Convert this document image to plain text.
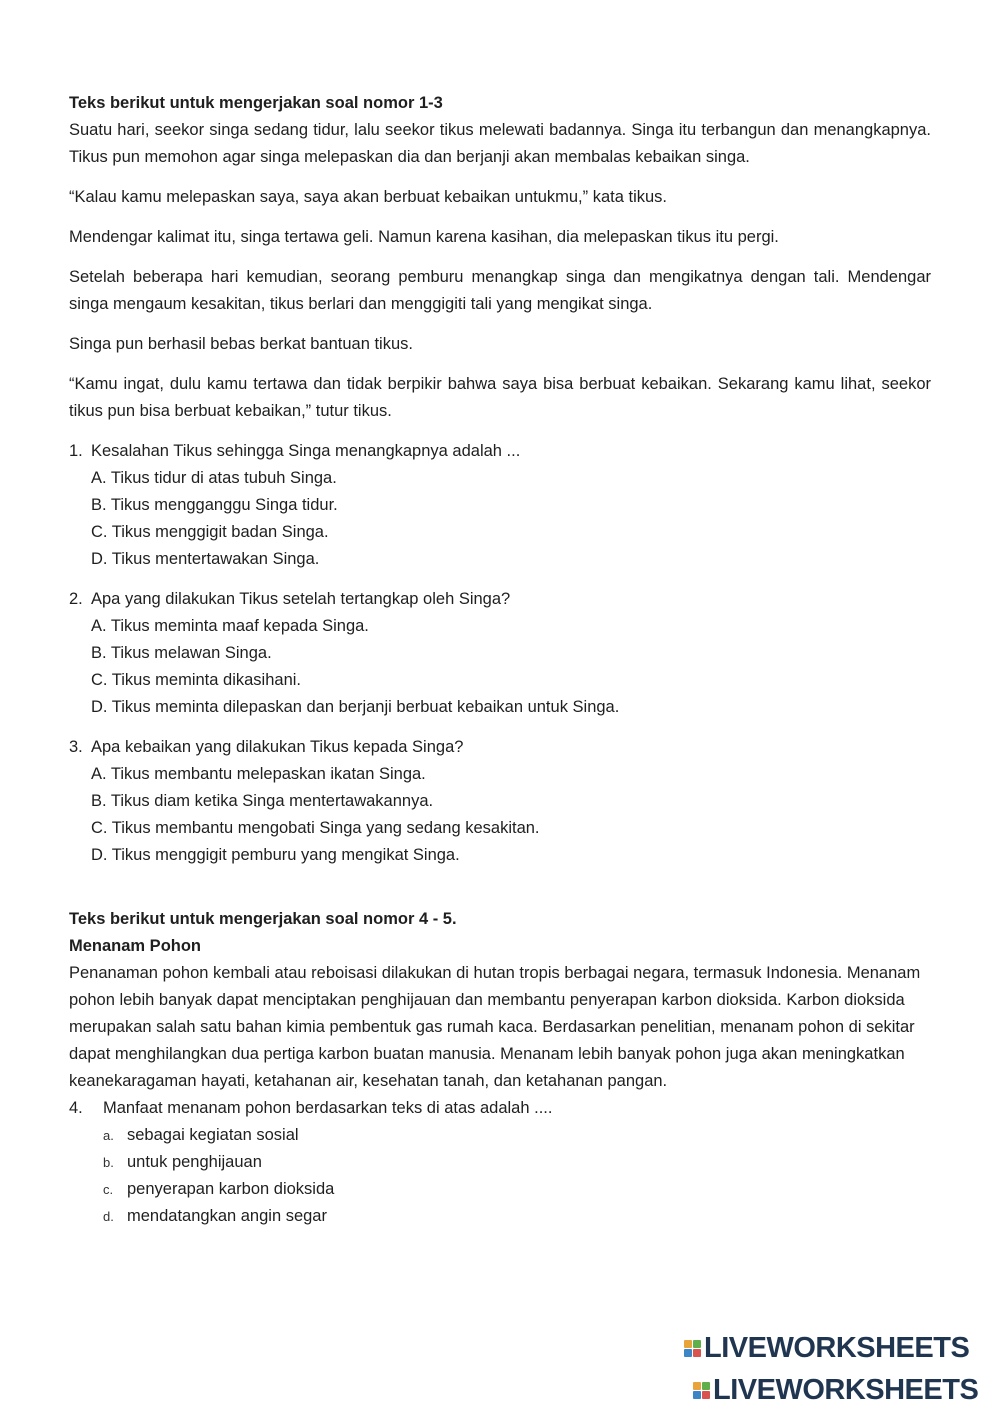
Teks berikut untuk mengerjakan soal nomor 1-3

Suatu hari, seekor singa sedang tidur, lalu seekor tikus melewati badannya. Singa itu terbangun dan menangkapnya. Tikus pun memohon agar singa melepaskan dia dan berjanji akan membalas kebaikan singa.

“Kalau kamu melepaskan saya, saya akan berbuat kebaikan untukmu,” kata tikus.

Mendengar kalimat itu, singa tertawa geli. Namun karena kasihan, dia melepaskan tikus itu pergi.

Setelah beberapa hari kemudian, seorang pemburu menangkap singa dan mengikatnya dengan tali. Mendengar singa mengaum kesakitan, tikus berlari dan menggigiti tali yang mengikat singa.

Singa pun berhasil bebas berkat bantuan tikus.

“Kamu ingat, dulu kamu tertawa dan tidak berpikir bahwa saya bisa berbuat kebaikan. Sekarang kamu lihat, seekor tikus pun bisa berbuat kebaikan,” tutur tikus.

1. Kesalahan Tikus sehingga Singa menangkapnya adalah ...

A. Tikus tidur di atas tubuh Singa.

B. Tikus mengganggu Singa tidur.

C. Tikus menggigit badan Singa.

D. Tikus mentertawakan Singa.

2. Apa yang dilakukan Tikus setelah tertangkap oleh Singa?

A. Tikus meminta maaf kepada Singa.

B. Tikus melawan Singa.

C. Tikus meminta dikasihani.

D. Tikus meminta dilepaskan dan berjanji berbuat kebaikan untuk Singa.

3. Apa kebaikan yang dilakukan Tikus kepada Singa?

A. Tikus membantu melepaskan ikatan Singa.

B. Tikus diam ketika Singa mentertawakannya.

C. Tikus membantu mengobati Singa yang sedang kesakitan.

D. Tikus menggigit pemburu yang mengikat Singa.

Teks berikut untuk mengerjakan soal nomor 4 - 5.

Menanam Pohon

Penanaman pohon kembali atau reboisasi dilakukan di hutan tropis berbagai negara, termasuk Indonesia. Menanam pohon lebih banyak dapat menciptakan penghijauan dan membantu penyerapan karbon dioksida. Karbon dioksida merupakan salah satu bahan kimia pembentuk gas rumah kaca. Berdasarkan penelitian, menanam pohon di sekitar dapat menghilangkan dua pertiga karbon buatan manusia. Menanam lebih banyak pohon juga akan meningkatkan keanekaragaman hayati, ketahanan air, kesehatan tanah, dan ketahanan pangan.

4. Manfaat menanam pohon berdasarkan teks di atas adalah ....

a. sebagai kegiatan sosial

b. untuk penghijauan

c. penyerapan karbon dioksida

d. mendatangkan angin segar

LIVEWORKSHEETS
LIVEWORKSHEETS
